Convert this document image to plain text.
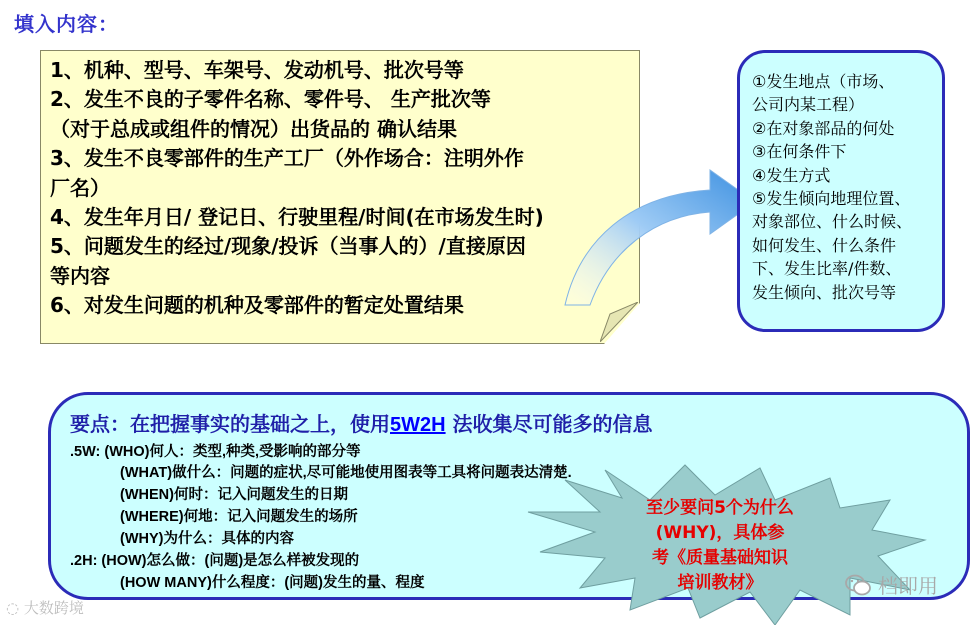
填入内容：

1、机种、型号、车架号、发动机号、批次号等

2、发生不良的子零件名称、零件号、 生产批次等

（对于总成或组件的情况）出货品的 确认结果

3、发生不良零部件的生产工厂（外作场合：注明外作

厂名）

4、发生年月日/ 登记日、行驶里程/时间(在市场发生时)

5、问题发生的经过/现象/投诉（当事人的）/直接原因

等内容

6、对发生问题的机种及零部件的暂定处置结果

①发生地点（市场、
公司内某工程）
②在对象部品的何处
③在何条件下
④发生方式
⑤发生倾向地理位置、
对象部位、什么时候、
如何发生、什么条件
下、发生比率/件数、
发生倾向、批次号等
要点：在把握事实的基础之上，使用5W2H 法收集尽可能多的信息
.5W: (WHO)何人：类型,种类,受影响的部分等
(WHAT)做什么：问题的症状,尽可能地使用图表等工具将问题表达清楚.
(WHEN)何时：记入问题发生的日期
(WHERE)何地：记入问题发生的场所
(WHY)为什么：具体的内容
.2H: (HOW)怎么做：(问题)是怎么样被发现的
(HOW MANY)什么程度：(问题)发生的量、程度
至少要问5个为什么
(WHY)，具体参
考《质量基础知识
培训教材》
◌ 大数跨境
档即用
